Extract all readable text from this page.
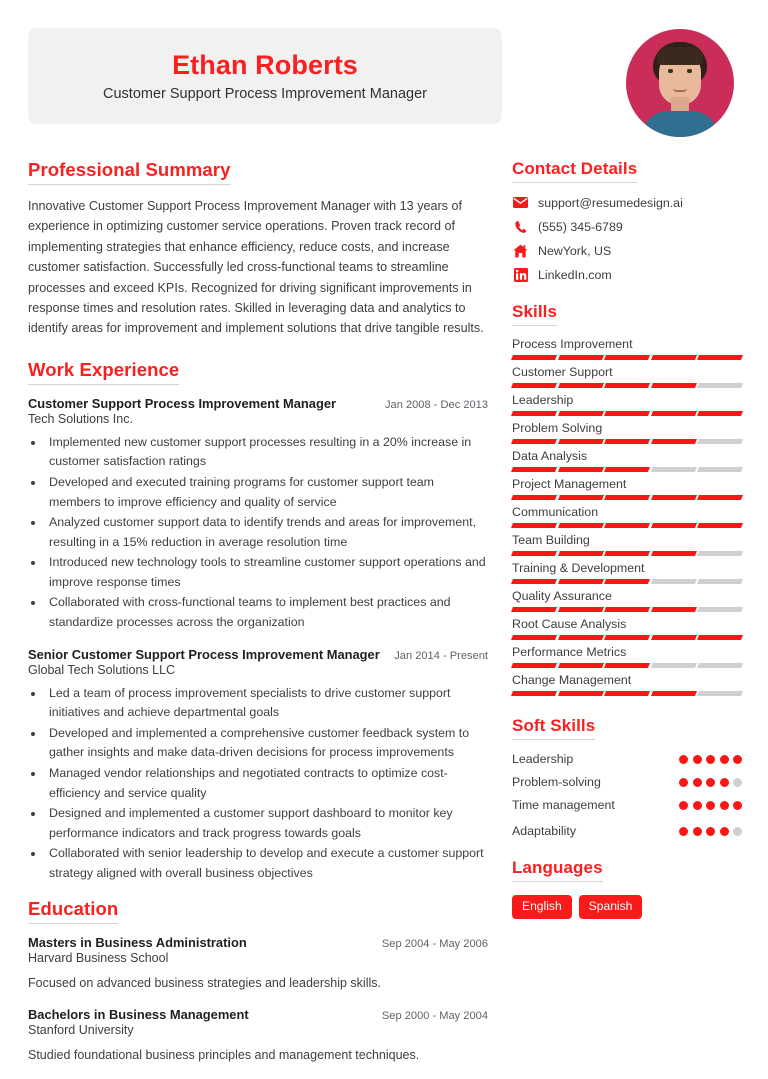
Ethan Roberts
Customer Support Process Improvement Manager
Professional Summary
Innovative Customer Support Process Improvement Manager with 13 years of experience in optimizing customer service operations. Proven track record of implementing strategies that enhance efficiency, reduce costs, and increase customer satisfaction. Successfully led cross-functional teams to streamline processes and exceed KPIs. Recognized for driving significant improvements in response times and resolution rates. Skilled in leveraging data and analytics to identify areas for improvement and implement solutions that drive tangible results.
Work Experience
Customer Support Process Improvement Manager	Jan 2008 - Dec 2013
Tech Solutions Inc.
• Implemented new customer support processes resulting in a 20% increase in customer satisfaction ratings
• Developed and executed training programs for customer support team members to improve efficiency and quality of service
• Analyzed customer support data to identify trends and areas for improvement, resulting in a 15% reduction in average resolution time
• Introduced new technology tools to streamline customer support operations and improve response times
• Collaborated with cross-functional teams to implement best practices and standardize processes across the organization
Senior Customer Support Process Improvement Manager	Jan 2014 - Present
Global Tech Solutions LLC
• Led a team of process improvement specialists to drive customer support initiatives and achieve departmental goals
• Developed and implemented a comprehensive customer feedback system to gather insights and make data-driven decisions for process improvements
• Managed vendor relationships and negotiated contracts to optimize cost-efficiency and service quality
• Designed and implemented a customer support dashboard to monitor key performance indicators and track progress towards goals
• Collaborated with senior leadership to develop and execute a customer support strategy aligned with overall business objectives
Education
Masters in Business Administration	Sep 2004 - May 2006
Harvard Business School
Focused on advanced business strategies and leadership skills.
Bachelors in Business Management	Sep 2000 - May 2004
Stanford University
Studied foundational business principles and management techniques.
Contact Details
support@resumedesign.ai
(555) 345-6789
NewYork, US
LinkedIn.com
Skills
Process Improvement
Customer Support
Leadership
Problem Solving
Data Analysis
Project Management
Communication
Team Building
Training & Development
Quality Assurance
Root Cause Analysis
Performance Metrics
Change Management
Soft Skills
Leadership
Problem-solving
Time management
Adaptability
Languages
English	Spanish
